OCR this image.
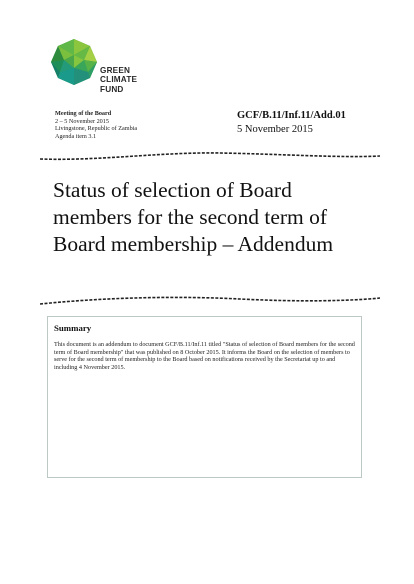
GREEN
CLIMATE
FUND
Meeting of the Board
2 – 5 November 2015
Livingstone, Republic of Zambia
Agenda item 3.1
GCF/B.11/Inf.11/Add.01
5 November 2015
Status of selection of Board members for the second term of Board membership – Addendum
Summary

This document is an addendum to document GCF/B.11/Inf.11 titled "Status of selection of Board members for the second term of Board membership" that was published on 8 October 2015. It informs the Board on the selection of members to serve for the second term of membership to the Board based on notifications received by the Secretariat up to and including 4 November 2015.
